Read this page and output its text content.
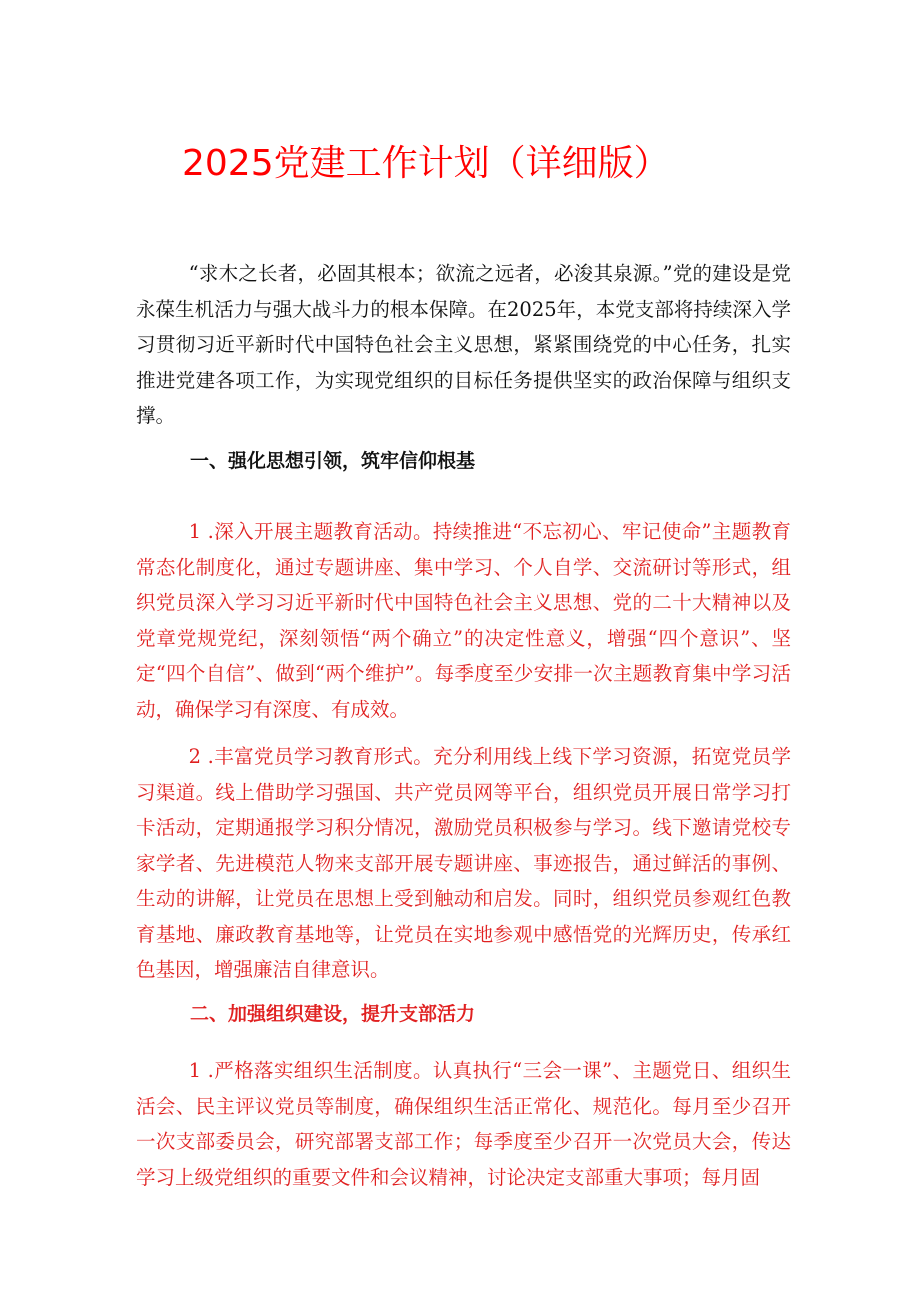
2025党建工作计划（详细版）

“求木之长者，必固其根本；欲流之远者，必浚其泉源。”党的建设是党永葆生机活力与强大战斗力的根本保障。在2025年，本党支部将持续深入学习贯彻习近平新时代中国特色社会主义思想，紧紧围绕党的中心任务，扎实推进党建各项工作，为实现党组织的目标任务提供坚实的政治保障与组织支撑。

一、强化思想引领，筑牢信仰根基

1 .深入开展主题教育活动。持续推进“不忘初心、牢记使命”主题教育常态化制度化，通过专题讲座、集中学习、个人自学、交流研讨等形式，组织党员深入学习习近平新时代中国特色社会主义思想、党的二十大精神以及党章党规党纪，深刻领悟“两个确立”的决定性意义，增强“四个意识”、坚定“四个自信”、做到“两个维护”。每季度至少安排一次主题教育集中学习活动，确保学习有深度、有成效。

2 .丰富党员学习教育形式。充分利用线上线下学习资源，拓宽党员学习渠道。线上借助学习强国、共产党员网等平台，组织党员开展日常学习打卡活动，定期通报学习积分情况，激励党员积极参与学习。线下邀请党校专家学者、先进模范人物来支部开展专题讲座、事迹报告，通过鲜活的事例、生动的讲解，让党员在思想上受到触动和启发。同时，组织党员参观红色教育基地、廉政教育基地等，让党员在实地参观中感悟党的光辉历史，传承红色基因，增强廉洁自律意识。

二、加强组织建设，提升支部活力

1 .严格落实组织生活制度。认真执行“三会一课”、主题党日、组织生活会、民主评议党员等制度，确保组织生活正常化、规范化。每月至少召开一次支部委员会，研究部署支部工作；每季度至少召开一次党员大会，传达学习上级党组织的重要文件和会议精神，讨论决定支部重大事项；每月固
